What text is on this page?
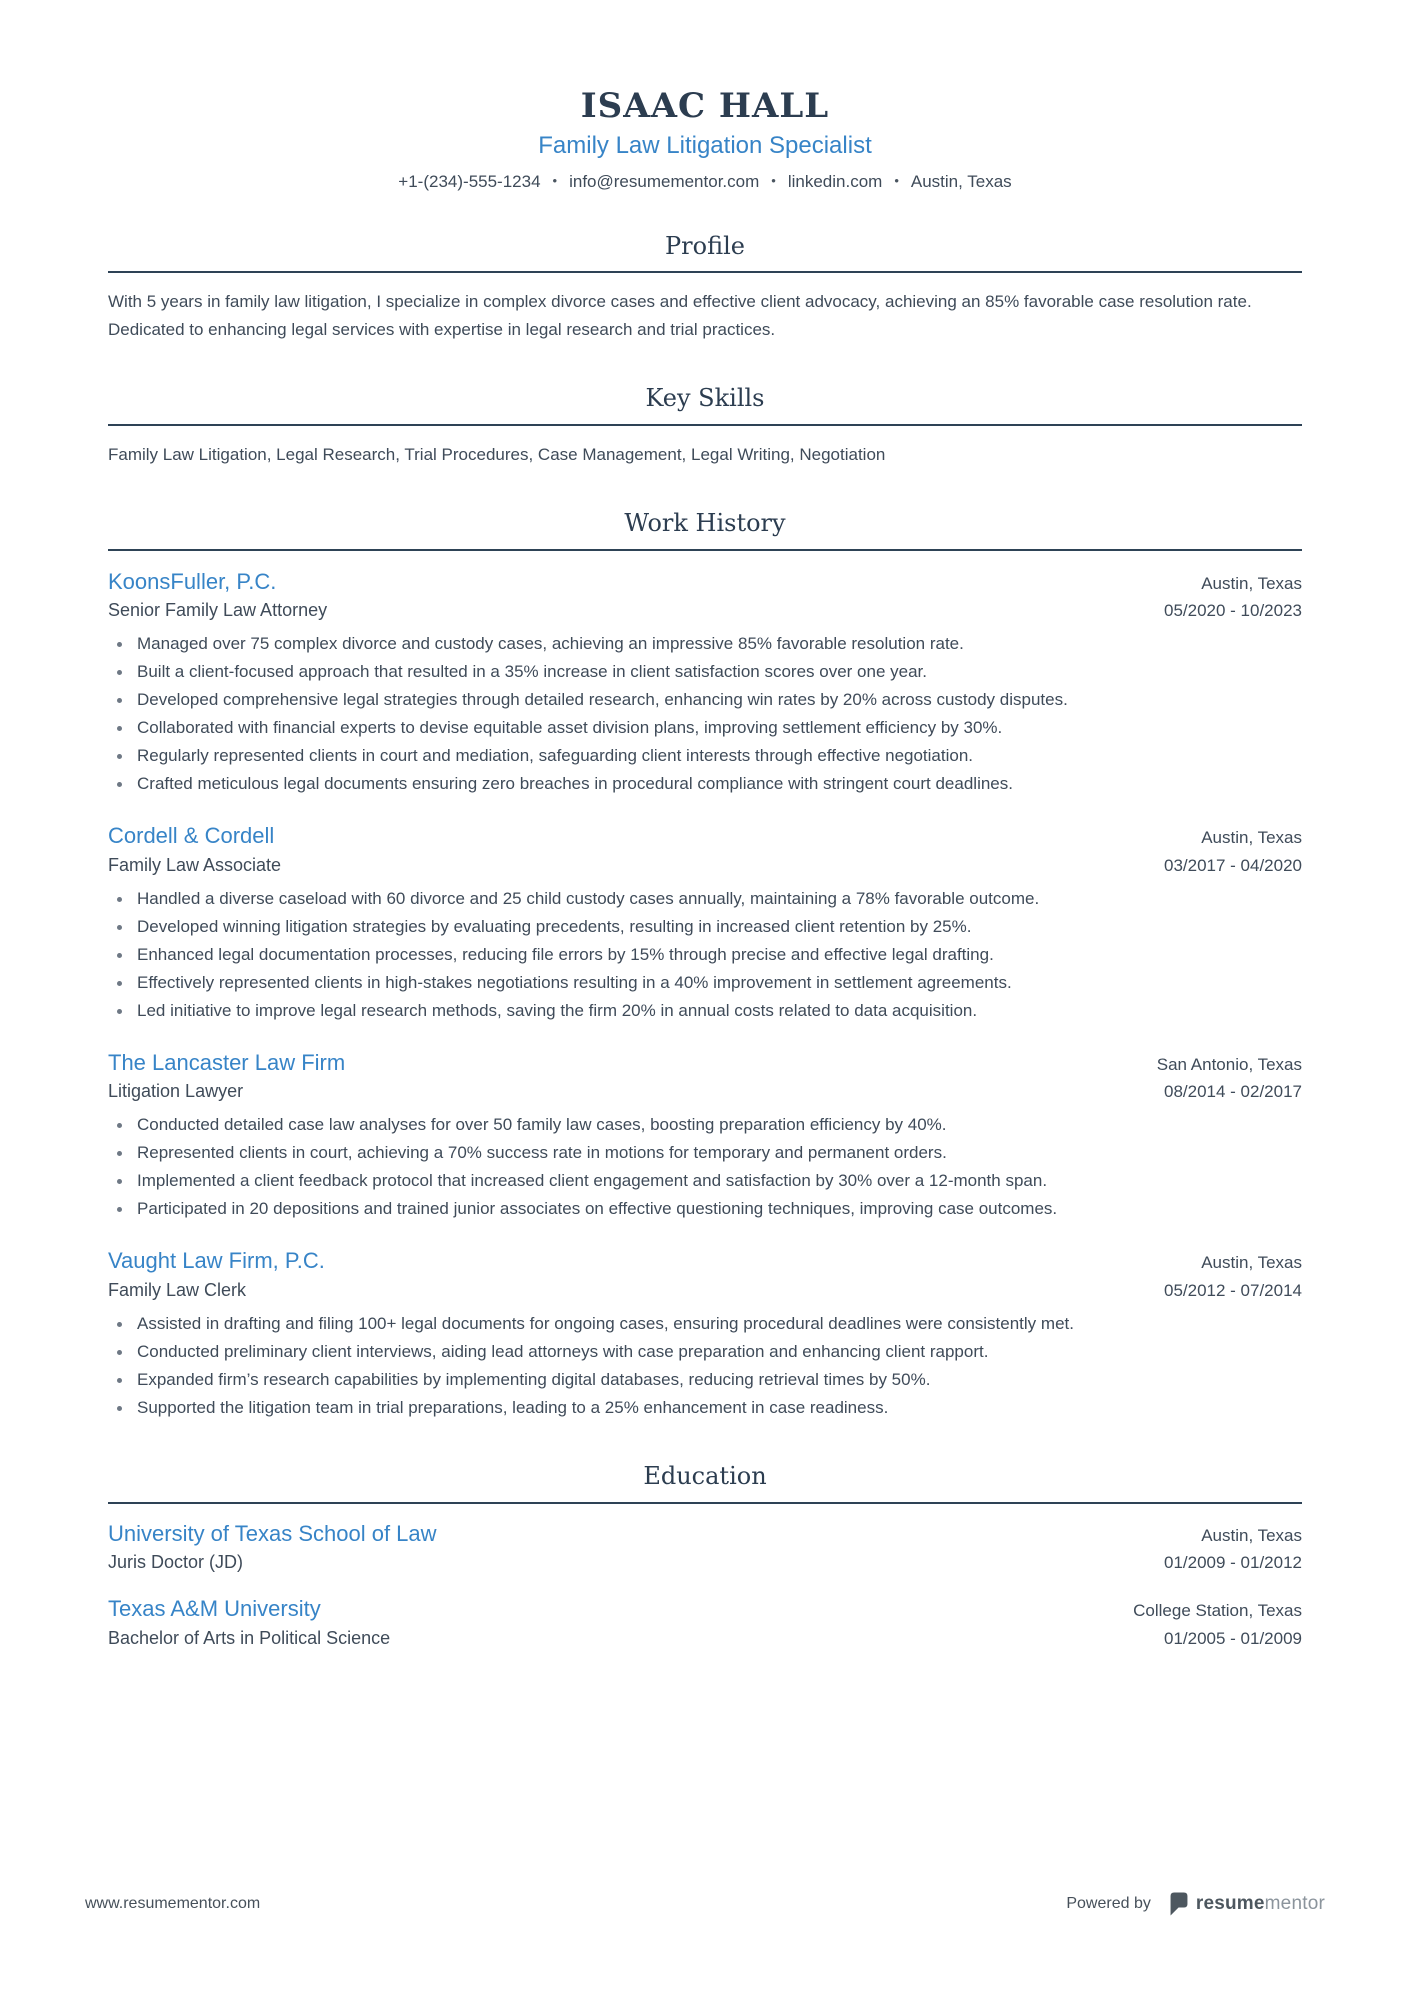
ISAAC HALL
Family Law Litigation Specialist
+1-(234)-555-1234 • info@resumementor.com • linkedin.com • Austin, Texas
Profile

With 5 years in family law litigation, I specialize in complex divorce cases and effective client advocacy, achieving an 85% favorable case resolution rate. Dedicated to enhancing legal services with expertise in legal research and trial practices.

Key Skills

Family Law Litigation, Legal Research, Trial Procedures, Case Management, Legal Writing, Negotiation

Work History
KoonsFuller, P.C.	Austin, Texas
Senior Family Law Attorney	05/2020 - 10/2023
Managed over 75 complex divorce and custody cases, achieving an impressive 85% favorable resolution rate.
Built a client-focused approach that resulted in a 35% increase in client satisfaction scores over one year.
Developed comprehensive legal strategies through detailed research, enhancing win rates by 20% across custody disputes.
Collaborated with financial experts to devise equitable asset division plans, improving settlement efficiency by 30%.
Regularly represented clients in court and mediation, safeguarding client interests through effective negotiation.
Crafted meticulous legal documents ensuring zero breaches in procedural compliance with stringent court deadlines.
Cordell & Cordell	Austin, Texas
Family Law Associate	03/2017 - 04/2020
Handled a diverse caseload with 60 divorce and 25 child custody cases annually, maintaining a 78% favorable outcome.
Developed winning litigation strategies by evaluating precedents, resulting in increased client retention by 25%.
Enhanced legal documentation processes, reducing file errors by 15% through precise and effective legal drafting.
Effectively represented clients in high-stakes negotiations resulting in a 40% improvement in settlement agreements.
Led initiative to improve legal research methods, saving the firm 20% in annual costs related to data acquisition.
The Lancaster Law Firm	San Antonio, Texas
Litigation Lawyer	08/2014 - 02/2017
Conducted detailed case law analyses for over 50 family law cases, boosting preparation efficiency by 40%.
Represented clients in court, achieving a 70% success rate in motions for temporary and permanent orders.
Implemented a client feedback protocol that increased client engagement and satisfaction by 30% over a 12-month span.
Participated in 20 depositions and trained junior associates on effective questioning techniques, improving case outcomes.
Vaught Law Firm, P.C.	Austin, Texas
Family Law Clerk	05/2012 - 07/2014
Assisted in drafting and filing 100+ legal documents for ongoing cases, ensuring procedural deadlines were consistently met.
Conducted preliminary client interviews, aiding lead attorneys with case preparation and enhancing client rapport.
Expanded firm’s research capabilities by implementing digital databases, reducing retrieval times by 50%.
Supported the litigation team in trial preparations, leading to a 25% enhancement in case readiness.
Education
University of Texas School of Law	Austin, Texas
Juris Doctor (JD)	01/2009 - 01/2012
Texas A&M University	College Station, Texas
Bachelor of Arts in Political Science	01/2005 - 01/2009
www.resumementor.com	Powered by resumementor
